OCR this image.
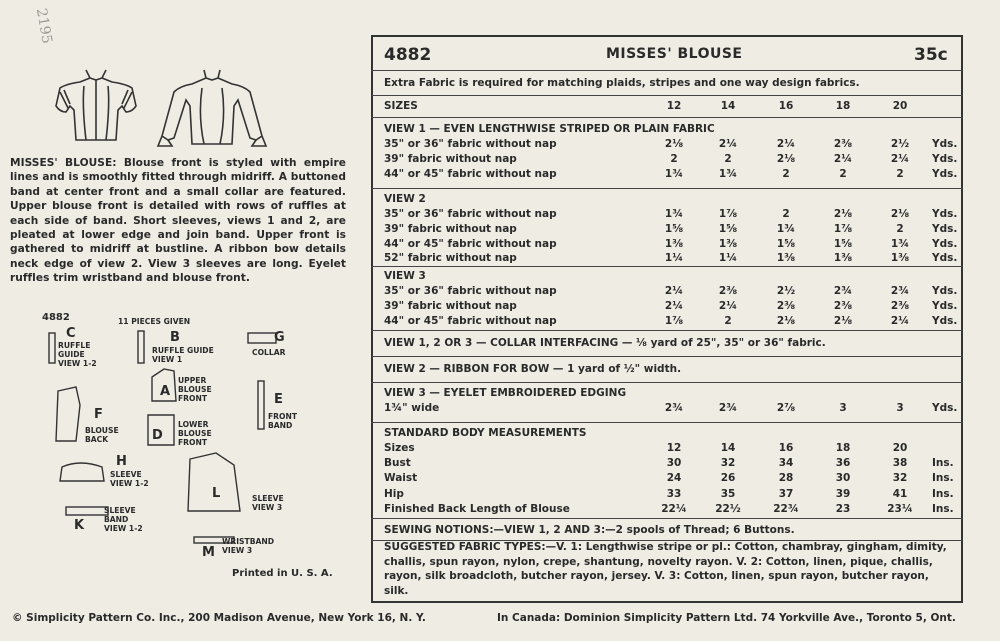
2195
MISSES' BLOUSE: Blouse front is styled with empire lines and is smoothly fitted through midriff. A buttoned band at center front and a small collar are featured. Upper blouse front is detailed with rows of ruffles at each side of band. Short sleeves, views 1 and 2, are pleated at lower edge and join band. Upper front is gathered to midriff at bustline. A ribbon bow details neck edge of view 2. View 3 sleeves are long. Eyelet ruffles trim wristband and blouse front.
4882	11 PIECES GIVEN
C
RUFFLE GUIDE VIEW 1-2
B
RUFFLE GUIDE VIEW 1
G
COLLAR
A
UPPER BLOUSE FRONT
F
BLOUSE BACK
E
FRONT BAND
D
LOWER BLOUSE FRONT
H
SLEEVE VIEW 1-2
L	SLEEVE VIEW 3
K
SLEEVE BAND VIEW 1-2
M
WRISTBAND VIEW 3
Printed in U. S. A.
© Simplicity Pattern Co. Inc., 200 Madison Avenue, New York 16, N. Y.	In Canada: Dominion Simplicity Pattern Ltd. 74 Yorkville Ave., Toronto 5, Ont.
4882	MISSES' BLOUSE	35c
Extra Fabric is required for matching plaids, stripes and one way design fabrics.
SIZES	12	14	16	18	20
VIEW 1 — EVEN LENGTHWISE STRIPED OR PLAIN FABRIC
35" or 36" fabric without nap	2⅛	2¼	2¼	2⅜	2½	Yds.
39" fabric without nap	2	2	2⅛	2¼	2¼	Yds.
44" or 45" fabric without nap	1¾	1¾	2	2	2	Yds.
VIEW 2
35" or 36" fabric without nap	1¾	1⅞	2	2⅛	2⅛	Yds.
39" fabric without nap	1⅝	1⅝	1¾	1⅞	2	Yds.
44" or 45" fabric without nap	1⅜	1⅜	1⅝	1⅝	1¾	Yds.
52" fabric without nap	1¼	1¼	1⅜	1⅜	1⅜	Yds.
VIEW 3
35" or 36" fabric without nap	2¼	2⅜	2½	2¾	2¾	Yds.
39" fabric without nap	2¼	2¼	2⅜	2⅜	2⅜	Yds.
44" or 45" fabric without nap	1⅞	2	2⅛	2⅛	2¼	Yds.
VIEW 3 — EYELET EMBROIDERED EDGING
1¾" wide	2¾	2¾	2⅞	3	3	Yds.
STANDARD BODY MEASUREMENTS
Sizes	12	14	16	18	20
Bust	30	32	34	36	38	Ins.
Waist	24	26	28	30	32	Ins.
Hip	33	35	37	39	41	Ins.
Finished Back Length of Blouse	22¼	22½	22¾	23	23¼	Ins.
VIEW 1, 2 OR 3 — COLLAR INTERFACING — ⅛ yard of 25", 35" or 36" fabric.
VIEW 2 — RIBBON FOR BOW — 1 yard of ½" width.
SEWING NOTIONS:—VIEW 1, 2 AND 3:—2 spools of Thread; 6 Buttons.
SUGGESTED FABRIC TYPES:—V. 1: Lengthwise stripe or pl.: Cotton, chambray, gingham, dimity, challis, spun rayon, nylon, crepe, shantung, novelty rayon. V. 2: Cotton, linen, pique, challis, rayon, silk broadcloth, butcher rayon, jersey. V. 3: Cotton, linen, spun rayon, butcher rayon, silk.
